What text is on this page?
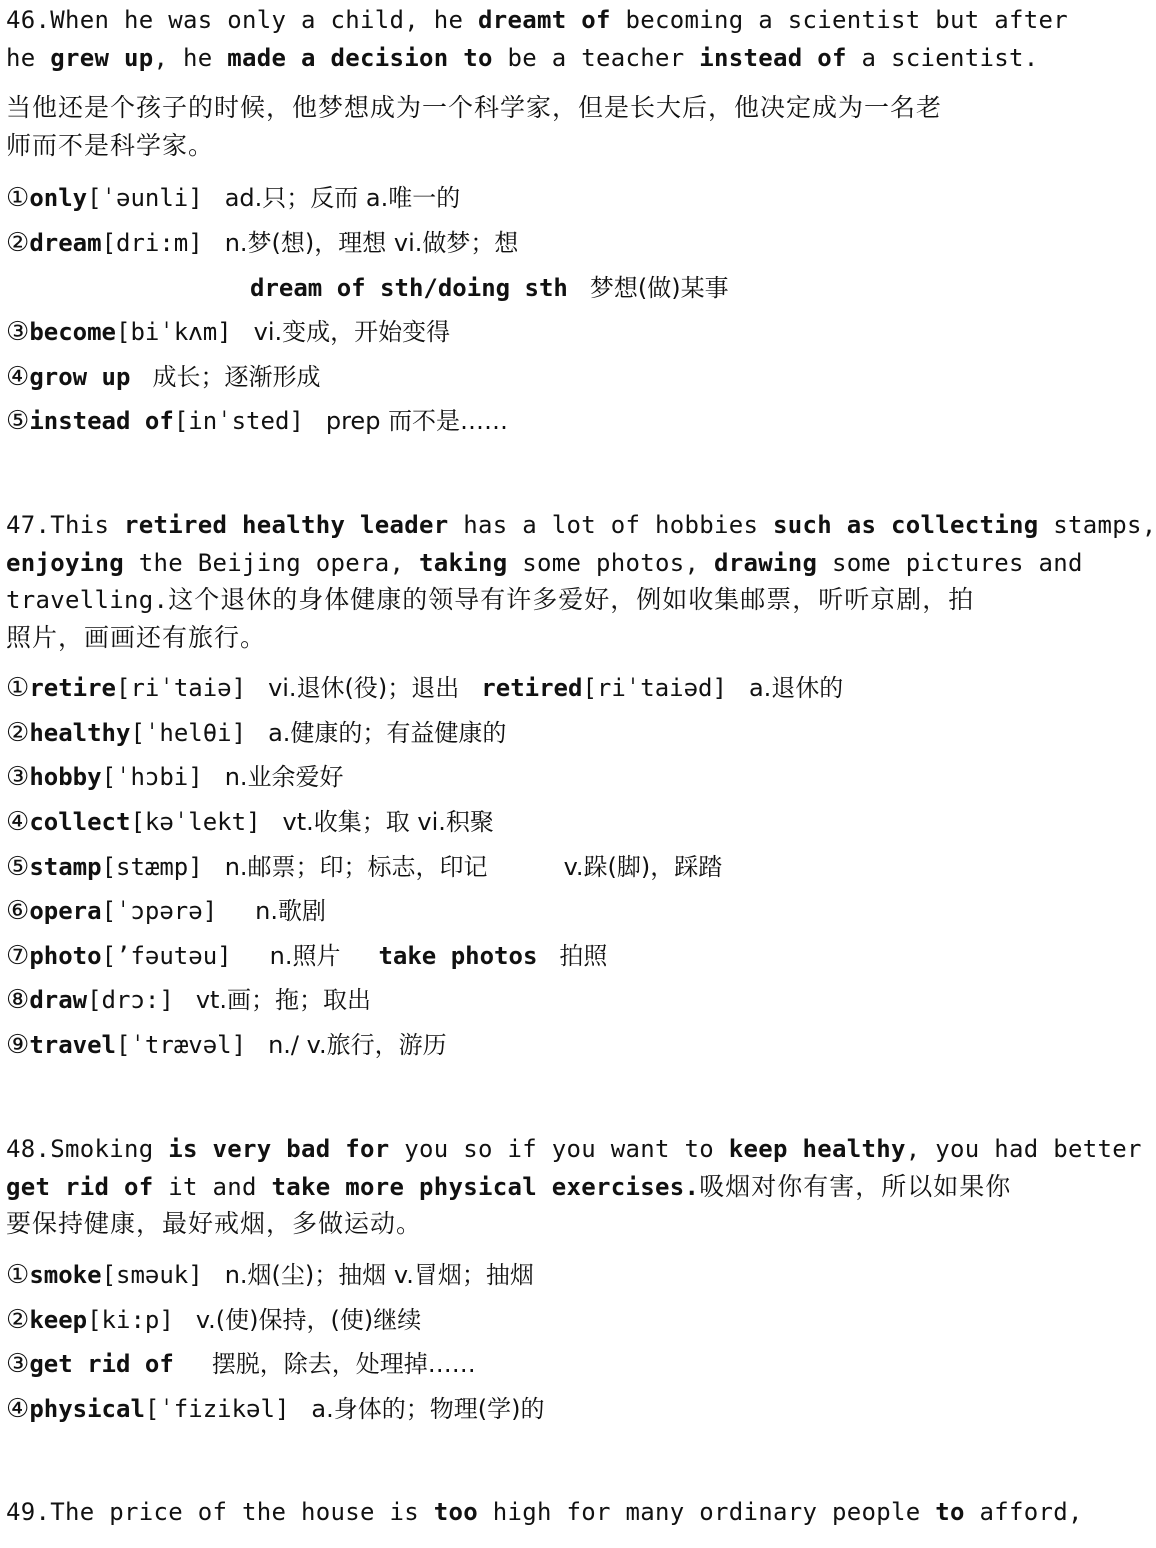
46.When he was only a child, he dreamt of becoming a scientist but after
he grew up, he made a decision to be a teacher instead of a scientist.
当他还是个孩子的时候，他梦想成为一个科学家，但是长大后，他决定成为一名老
师而不是科学家。
①only[ˈəunli] ad.只；反而 a.唯一的
②dream[dri:m] n.梦(想)，理想 vi.做梦；想
dream of sth/doing sth 梦想(做)某事
③become[biˈkʌm] vi.变成，开始变得
④grow up 成长；逐渐形成
⑤instead of[inˈsted] prep 而不是……
47.This retired healthy leader has a lot of hobbies such as collecting stamps,
enjoying the Beijing opera, taking some photos, drawing some pictures and
travelling.这个退休的身体健康的领导有许多爱好，例如收集邮票，听听京剧，拍
照片，画画还有旅行。
①retire[riˈtaiə] vi.退休(役)；退出 retired[riˈtaiəd] a.退休的
②healthy[ˈhelθi] a.健康的；有益健康的
③hobby[ˈhɔbi] n.业余爱好
④collect[kəˈlekt] vt.收集；取 vi.积聚
⑤stamp[stæmp] n.邮票；印；标志，印记	v.跺(脚)，踩踏
⑥opera[ˈɔpərə] n.歌剧
⑦photo[’fəutəu] n.照片 take photos 拍照
⑧draw[drɔ:] vt.画；拖；取出
⑨travel[ˈtrævəl] n./ v.旅行，游历
48.Smoking is very bad for you so if you want to keep healthy, you had better
get rid of it and take more physical exercises.吸烟对你有害，所以如果你
要保持健康，最好戒烟，多做运动。
①smoke[sməuk] n.烟(尘)；抽烟 v.冒烟；抽烟
②keep[ki:p] v.(使)保持，(使)继续
③get rid of 摆脱，除去，处理掉……
④physical[ˈfizikəl] a.身体的；物理(学)的
49.The price of the house is too high for many ordinary people to afford,
